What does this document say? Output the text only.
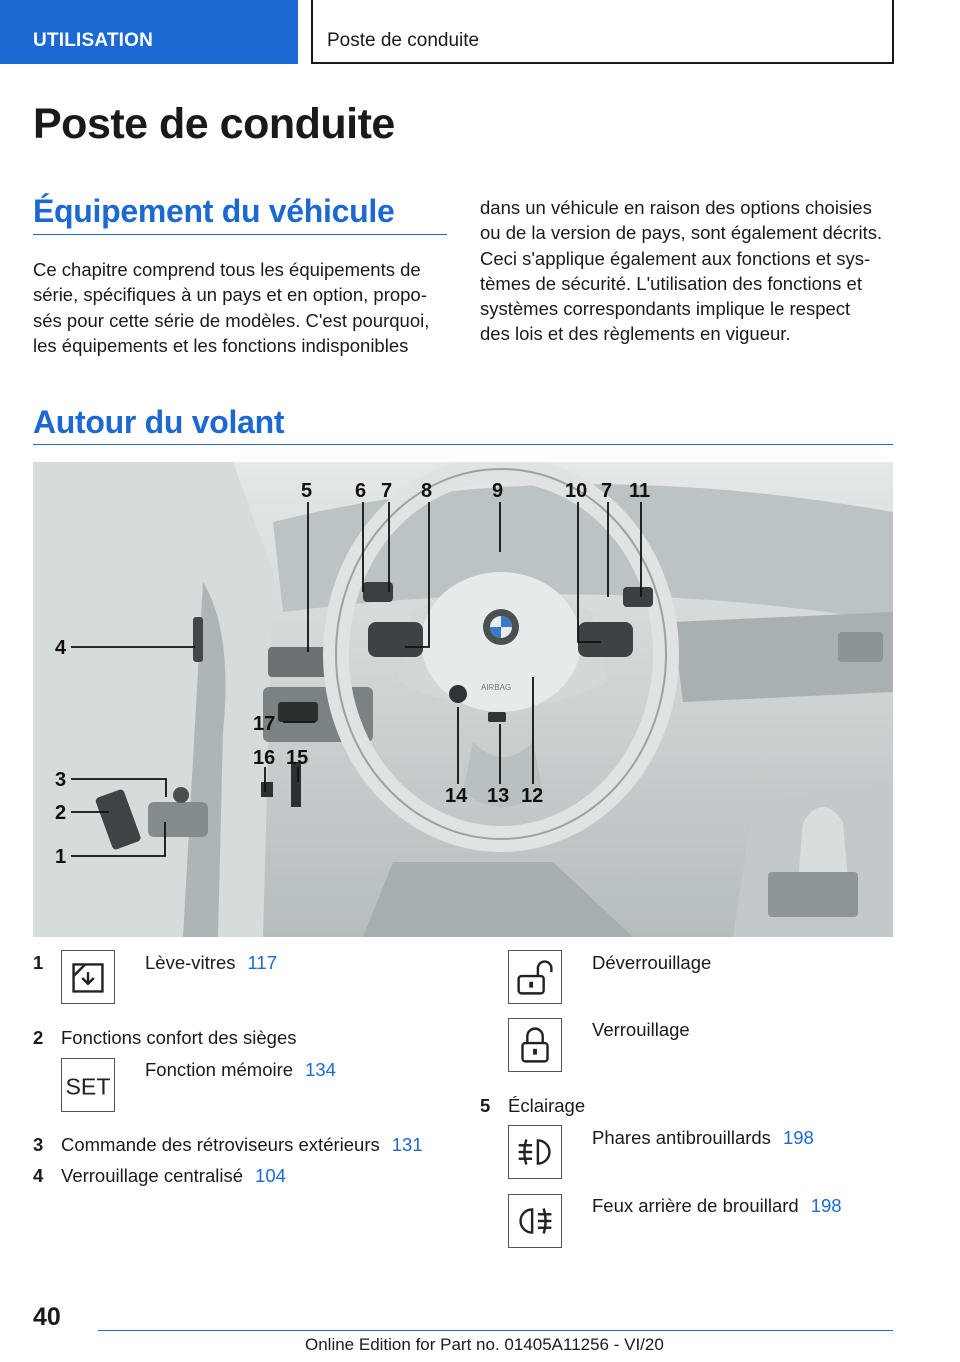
UTILISATION	Poste de conduite
Poste de conduite
Équipement du véhicule
Ce chapitre comprend tous les équipements de
série, spécifiques à un pays et en option, propo-
sés pour cette série de modèles. C'est pourquoi,
les équipements et les fonctions indisponibles
dans un véhicule en raison des options choisies
ou de la version de pays, sont également décrits.
Ceci s'applique également aux fonctions et sys-
tèmes de sécurité. L'utilisation des fonctions et
systèmes correspondants implique le respect
des lois et des règlements en vigueur.
Autour du volant
AIRBAG
5 6 7 8	9	10 7 11
4
17
16 15
3
2
1
14 13 12
1	Lève-vitres 117
2 Fonctions confort des sièges
SET
Fonction mémoire 134
3 Commande des rétroviseurs extérieurs 131
4 Verrouillage centralisé 104
Déverrouillage
Verrouillage
5 Éclairage
Phares antibrouillards 198
Feux arrière de brouillard 198
40
Online Edition for Part no. 01405A11256 - VI/20
